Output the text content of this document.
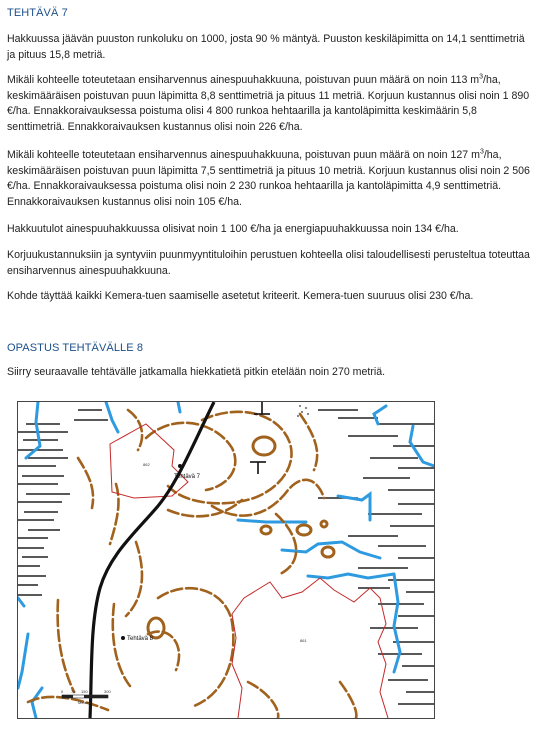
TEHTÄVÄ 7
Hakkuussa jäävän puuston runkoluku on 1000, josta 90 % mäntyä. Puuston keskiläpimitta on 14,1 senttimetriä ja pituus 15,8 metriä.
Mikäli kohteelle toteutetaan ensiharvennus ainespuuhakkuuna, poistuvan puun määrä on noin 113 $m^3/ha$, keskimääräisen poistuvan puun läpimitta 8,8 senttimetriä ja pituus 11 metriä. Korjuun kustannus olisi noin 1 890 €/ha. Ennakkoraivauksessa poistuma olisi 4 800 runkoa hehtaarilla ja kantoläpimitta keskimäärin 5,8 senttimetriä. Ennakkoraivauksen kustannus olisi noin 226 €/ha.
Mikäli kohteelle toteutetaan ensiharvennus ainespuuhakkuuna, poistuvan puun määrä on noin 127 $m^3/ha$, keskimääräisen poistuvan puun läpimitta 7,5 senttimetriä ja pituus 10 metriä. Korjuun kustannus olisi noin 2 506 €/ha. Ennakkoraivauksessa poistuma olisi noin 2 230 runkoa hehtaarilla ja kantoläpimitta 4,9 senttimetriä. Ennakkoraivauksen kustannus olisi noin 105 €/ha.
Hakkuutulot ainespuuhakkuussa olisivat noin 1 100 €/ha ja energiapuuhakkuussa noin 134 €/ha.
Korjuukustannuksiin ja syntyviin puunmyyntituloihin perustuen kohteella olisi taloudellisesti perusteltua toteuttaa ensiharvennus ainespuuhakkuuna.
Kohde täyttää kaikki Kemera-tuen saamiselle asetetut kriteerit. Kemera-tuen suuruus olisi 230 €/ha.
OPASTUS TEHTÄVÄLLE 8
Siirry seuraavalle tehtävälle jatkamalla hiekkatietä pitkin etelään noin 270 metriä.
Tehtävä 7
Tehtävä 8
862
861
0 75 150	300
Meters
